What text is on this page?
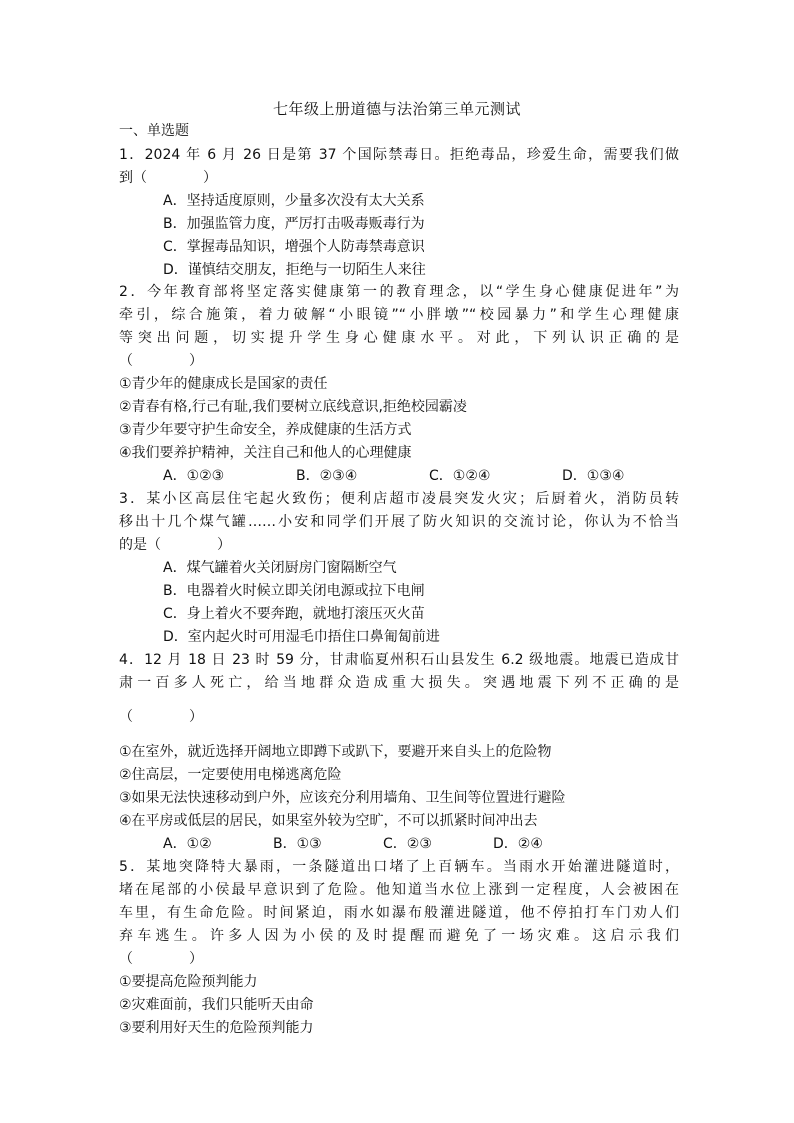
七年级上册道德与法治第三单元测试
一、单选题
1．2024 年 6 月 26 日是第 37 个国际禁毒日。拒绝毒品，珍爱生命，需要我们做
到（　　　　）
A．坚持适度原则，少量多次没有太大关系
B．加强监管力度，严厉打击吸毒贩毒行为
C．掌握毒品知识，增强个人防毒禁毒意识
D．谨慎结交朋友，拒绝与一切陌生人来往
2．今年教育部将坚定落实健康第一的教育理念，以“学生身心健康促进年”为
牵引，综合施策，着力破解“小眼镜”“小胖墩”“校园暴力”和学生心理健康
等突出问题，切实提升学生身心健康水平。对此，下列认识正确的是
（　　　　）
①青少年的健康成长是国家的责任
②青春有格,行己有耻,我们要树立底线意识,拒绝校园霸凌
③青少年要守护生命安全，养成健康的生活方式
④我们要养护精神，关注自己和他人的心理健康
A．①②③	B．②③④	C．①②④	D．①③④
3．某小区高层住宅起火致伤；便利店超市凌晨突发火灾；后厨着火，消防员转
移出十几个煤气罐……小安和同学们开展了防火知识的交流讨论，你认为不恰当
的是（　　　　）
A．煤气罐着火关闭厨房门窗隔断空气
B．电器着火时候立即关闭电源或拉下电闸
C．身上着火不要奔跑，就地打滚压灭火苗
D．室内起火时可用湿毛巾捂住口鼻匍匐前进
4．12 月 18 日 23 时 59 分，甘肃临夏州积石山县发生 6.2 级地震。地震已造成甘
肃一百多人死亡，给当地群众造成重大损失。突遇地震下列不正确的是
（　　　　）
①在室外，就近选择开阔地立即蹲下或趴下，要避开来自头上的危险物
②住高层，一定要使用电梯逃离危险
③如果无法快速移动到户外，应该充分利用墙角、卫生间等位置进行避险
④在平房或低层的居民，如果室外较为空旷，不可以抓紧时间冲出去
A．①②	B．①③	C．②③	D．②④
5．某地突降特大暴雨，一条隧道出口堵了上百辆车。当雨水开始灌进隧道时，
堵在尾部的小侯最早意识到了危险。他知道当水位上涨到一定程度，人会被困在
车里，有生命危险。时间紧迫，雨水如瀑布般灌进隧道，他不停拍打车门劝人们
弃车逃生。许多人因为小侯的及时提醒而避免了一场灾难。这启示我们
（　　　　）
①要提高危险预判能力
②灾难面前，我们只能听天由命
③要利用好天生的危险预判能力
